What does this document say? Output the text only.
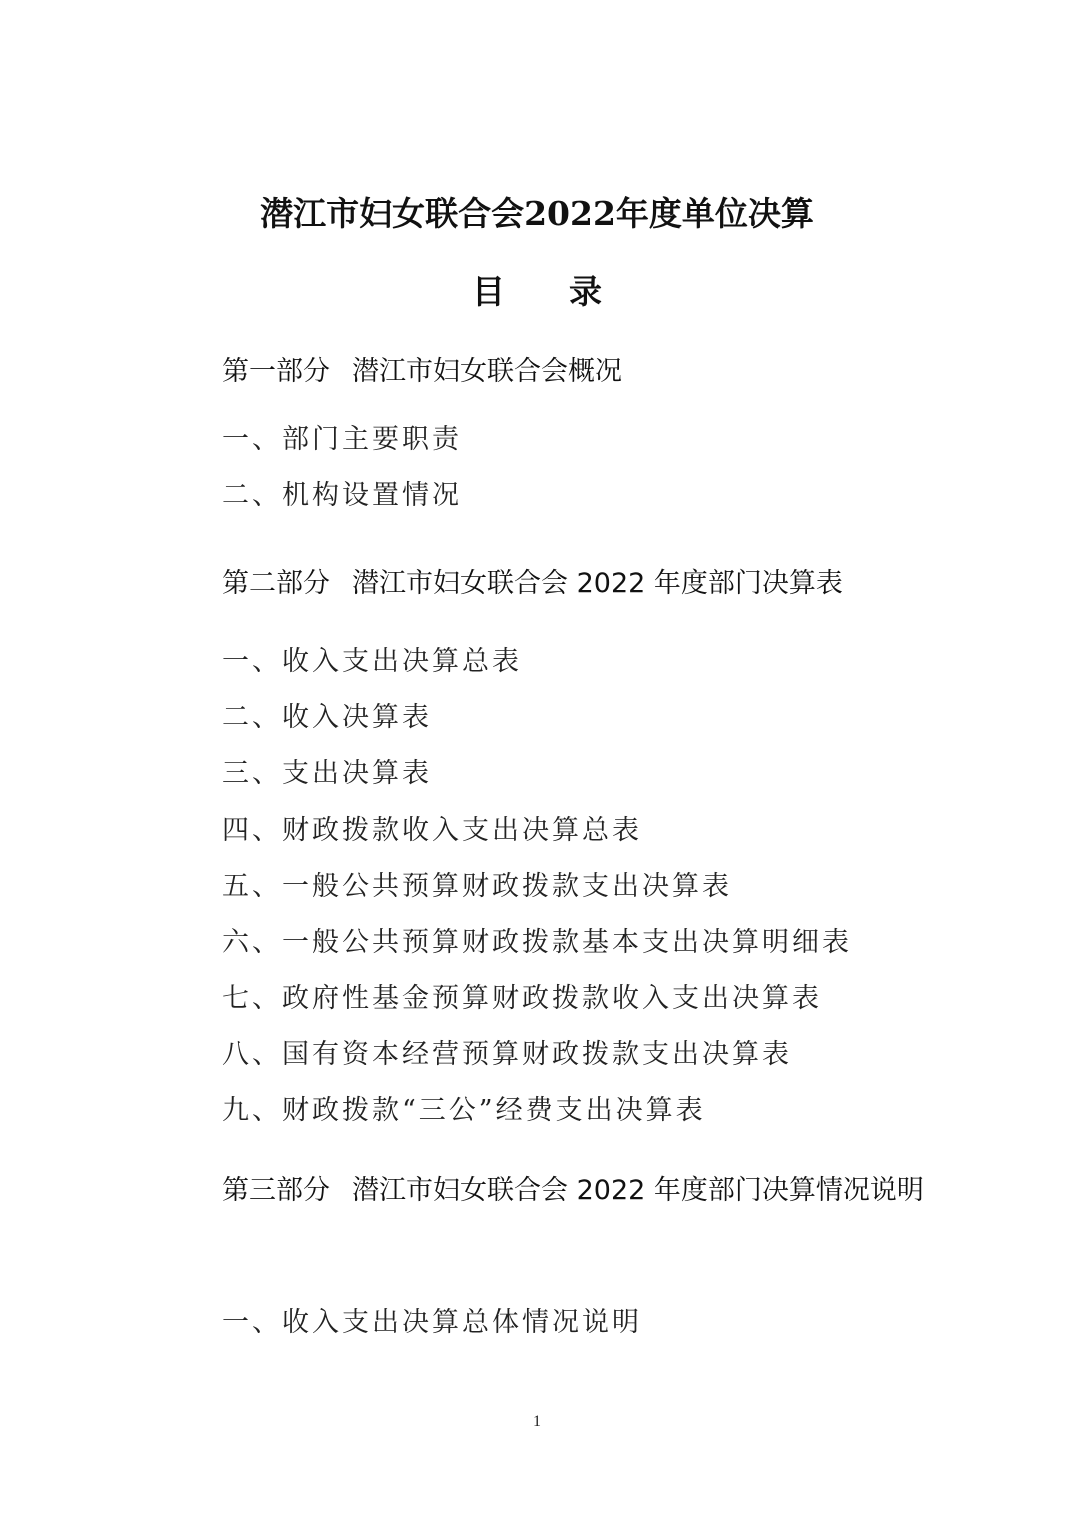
潜江市妇女联合会2022年度单位决算
目 录
第一部分 潜江市妇女联合会概况
一、部门主要职责
二、机构设置情况
第二部分 潜江市妇女联合会 2022 年度部门决算表
一、收入支出决算总表
二、收入决算表
三、支出决算表
四、财政拨款收入支出决算总表
五、一般公共预算财政拨款支出决算表
六、一般公共预算财政拨款基本支出决算明细表
七、政府性基金预算财政拨款收入支出决算表
八、国有资本经营预算财政拨款支出决算表
九、财政拨款“三公”经费支出决算表
第三部分 潜江市妇女联合会 2022 年度部门决算情况说明
一、收入支出决算总体情况说明
1
